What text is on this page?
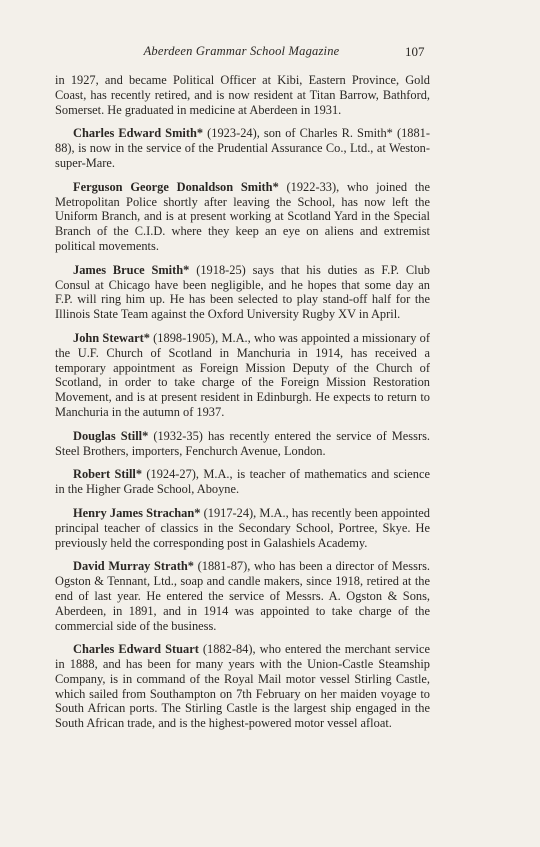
Aberdeen Grammar School Magazine	107

in 1927, and became Political Officer at Kibi, Eastern Province, Gold Coast, has recently retired, and is now resident at Titan Barrow, Bathford, Somerset. He graduated in medicine at Aberdeen in 1931.

Charles Edward Smith* (1923-24), son of Charles R. Smith* (1881-88), is now in the service of the Prudential Assurance Co., Ltd., at Weston-super-Mare.

Ferguson George Donaldson Smith* (1922-33), who joined the Metropolitan Police shortly after leaving the School, has now left the Uniform Branch, and is at present working at Scotland Yard in the Special Branch of the C.I.D. where they keep an eye on aliens and extremist political movements.

James Bruce Smith* (1918-25) says that his duties as F.P. Club Consul at Chicago have been negligible, and he hopes that some day an F.P. will ring him up. He has been selected to play stand-off half for the Illinois State Team against the Oxford University Rugby XV in April.

John Stewart* (1898-1905), M.A., who was appointed a missionary of the U.F. Church of Scotland in Manchuria in 1914, has received a temporary appointment as Foreign Mission Deputy of the Church of Scotland, in order to take charge of the Foreign Mission Restoration Movement, and is at present resident in Edinburgh. He expects to return to Manchuria in the autumn of 1937.

Douglas Still* (1932-35) has recently entered the service of Messrs. Steel Brothers, importers, Fenchurch Avenue, London.

Robert Still* (1924-27), M.A., is teacher of mathematics and science in the Higher Grade School, Aboyne.

Henry James Strachan* (1917-24), M.A., has recently been appointed principal teacher of classics in the Secondary School, Portree, Skye. He previously held the corresponding post in Galashiels Academy.

David Murray Strath* (1881-87), who has been a director of Messrs. Ogston & Tennant, Ltd., soap and candle makers, since 1918, retired at the end of last year. He entered the service of Messrs. A. Ogston & Sons, Aberdeen, in 1891, and in 1914 was appointed to take charge of the commercial side of the business.

Charles Edward Stuart (1882-84), who entered the merchant service in 1888, and has been for many years with the Union-Castle Steamship Company, is in command of the Royal Mail motor vessel Stirling Castle, which sailed from Southampton on 7th February on her maiden voyage to South African ports. The Stirling Castle is the largest ship engaged in the South African trade, and is the highest-powered motor vessel afloat.
